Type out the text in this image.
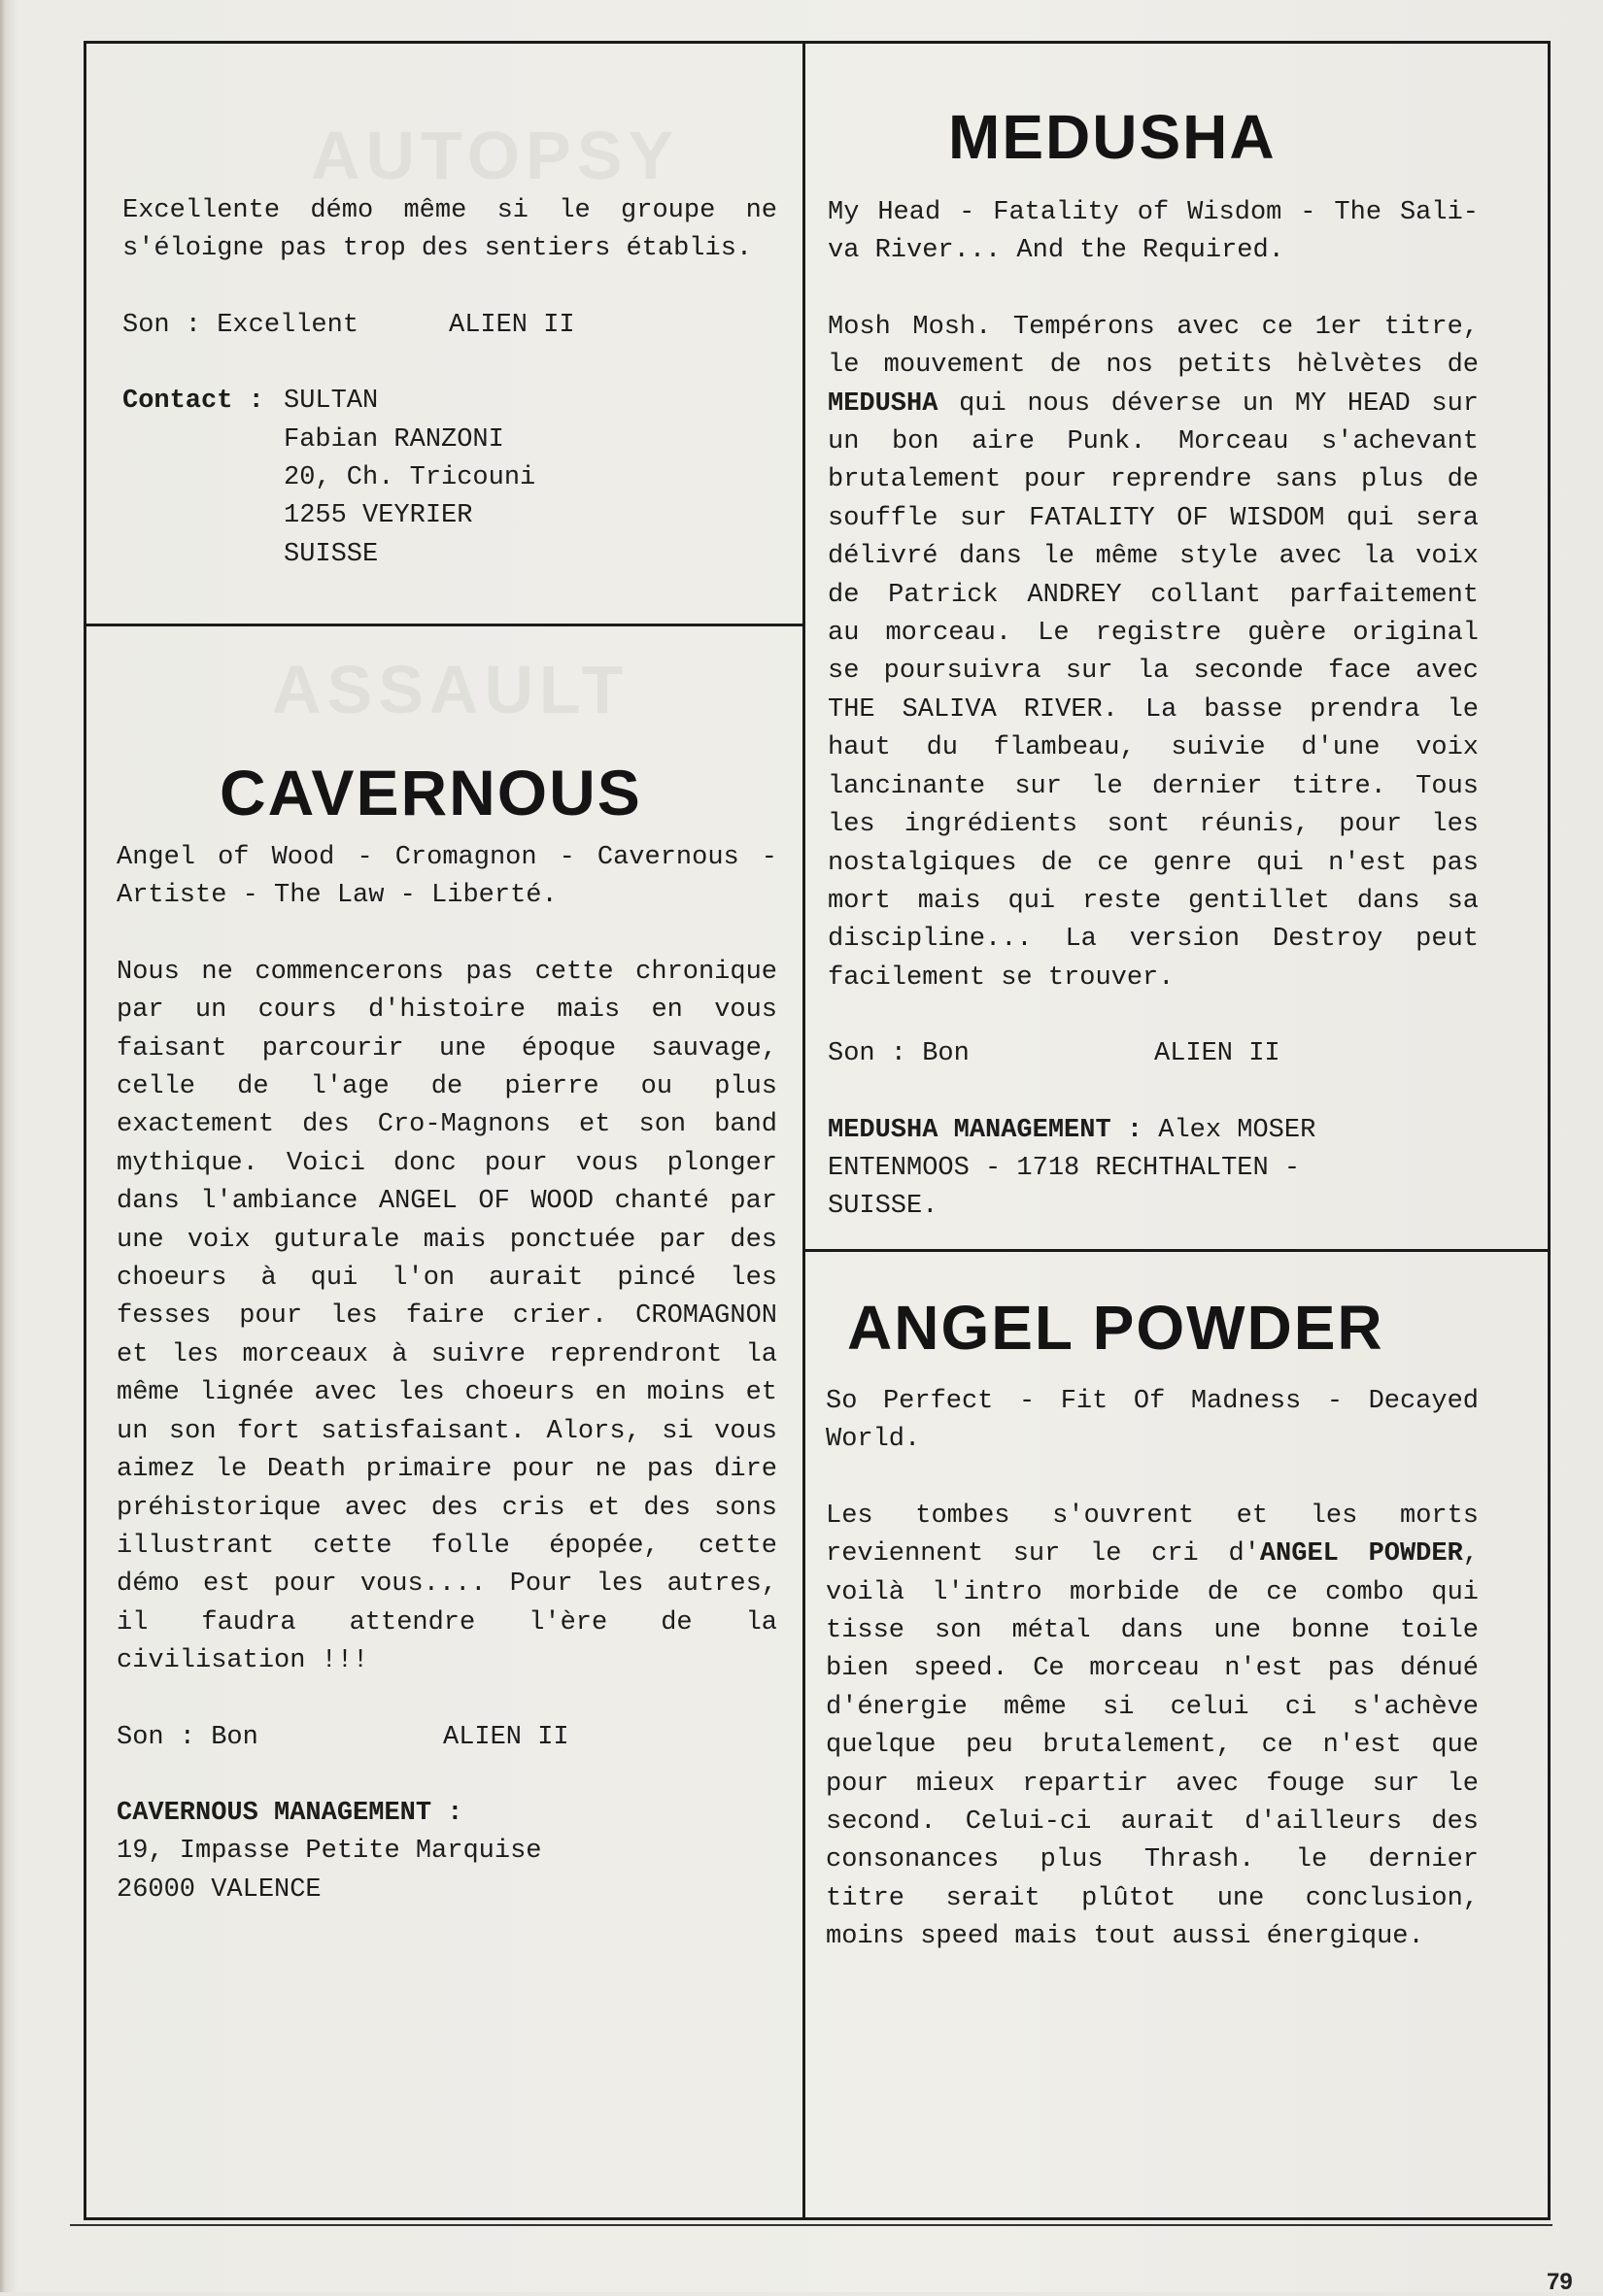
AUTOPSY
ASSAULT

Excellente démo même si le groupe ne

s'éloigne pas trop des sentiers établis.

Son : Excellent	ALIEN II

Contact : SULTAN

Fabian RANZONI

20, Ch. Tricouni

1255 VEYRIER

SUISSE

CAVERNOUS

Angel of Wood - Cromagnon - Cavernous -

Artiste - The Law - Liberté.

Nous ne commencerons pas cette chronique

par un cours d'histoire mais en vous

faisant parcourir une époque sauvage,

celle de l'age de pierre ou plus

exactement des Cro-Magnons et son band

mythique. Voici donc pour vous plonger

dans l'ambiance ANGEL OF WOOD chanté par

une voix guturale mais ponctuée par des

choeurs à qui l'on aurait pincé les

fesses pour les faire crier. CROMAGNON

et les morceaux à suivre reprendront la

même lignée avec les choeurs en moins et

un son fort satisfaisant. Alors, si vous

aimez le Death primaire pour ne pas dire

préhistorique avec des cris et des sons

illustrant cette folle épopée, cette

démo est pour vous.... Pour les autres,

il faudra attendre l'ère de la

civilisation !!!

Son : Bon	ALIEN II

CAVERNOUS MANAGEMENT :

19, Impasse Petite Marquise

26000 VALENCE

MEDUSHA

My Head - Fatality of Wisdom - The Sali-

va River... And the Required.

Mosh Mosh. Tempérons avec ce 1er titre,

le mouvement de nos petits hèlvètes de

MEDUSHA qui nous déverse un MY HEAD sur

un bon aire Punk. Morceau s'achevant

brutalement pour reprendre sans plus de

souffle sur FATALITY OF WISDOM qui sera

délivré dans le même style avec la voix

de Patrick ANDREY collant parfaitement

au morceau. Le registre guère original

se poursuivra sur la seconde face avec

THE SALIVA RIVER. La basse prendra le

haut du flambeau, suivie d'une voix

lancinante sur le dernier titre. Tous

les ingrédients sont réunis, pour les

nostalgiques de ce genre qui n'est pas

mort mais qui reste gentillet dans sa

discipline... La version Destroy peut

facilement se trouver.

Son : Bon	ALIEN II

MEDUSHA MANAGEMENT : Alex MOSER

ENTENMOOS - 1718 RECHTHALTEN -

SUISSE.

ANGEL POWDER

So Perfect - Fit Of Madness - Decayed

World.

Les tombes s'ouvrent et les morts

reviennent sur le cri d'ANGEL POWDER,

voilà l'intro morbide de ce combo qui

tisse son métal dans une bonne toile

bien speed. Ce morceau n'est pas dénué

d'énergie même si celui ci s'achève

quelque peu brutalement, ce n'est que

pour mieux repartir avec fouge sur le

second. Celui-ci aurait d'ailleurs des

consonances plus Thrash. le dernier

titre serait plûtot une conclusion,

moins speed mais tout aussi énergique.

79
